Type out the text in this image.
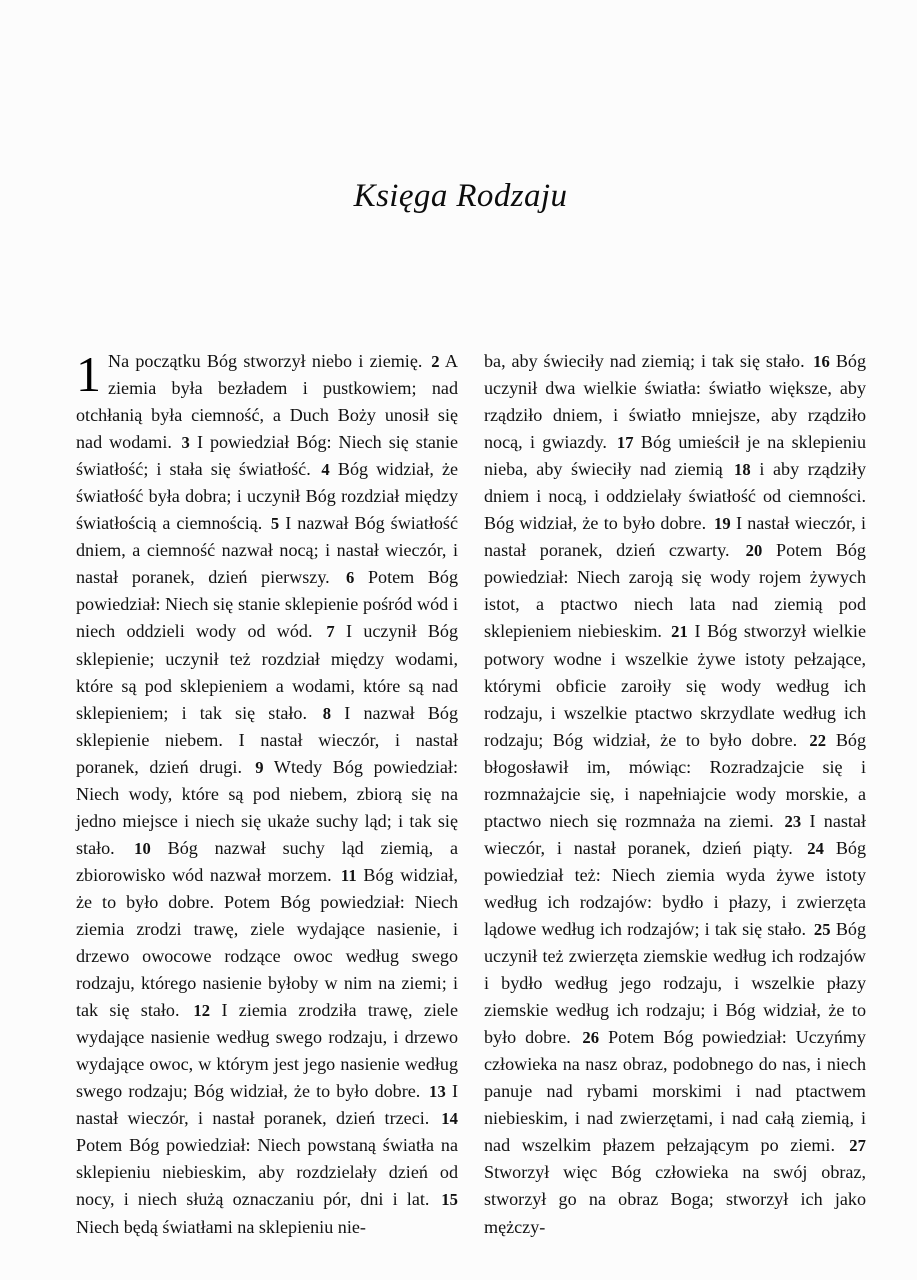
Księga Rodzaju

1 Na początku Bóg stworzył niebo i ziemię. 2 A ziemia była bezładem i pustkowiem; nad otchłanią była ciemność, a Duch Boży unosił się nad wodami. 3 I powiedział Bóg: Niech się stanie światłość; i stała się światłość. 4 Bóg widział, że światłość była dobra; i uczynił Bóg rozdział między światłością a ciemnością. 5 I nazwał Bóg światłość dniem, a ciemność nazwał nocą; i nastał wieczór, i nastał poranek, dzień pierwszy. 6 Potem Bóg powiedział: Niech się stanie sklepienie pośród wód i niech oddzieli wody od wód. 7 I uczynił Bóg sklepienie; uczynił też rozdział między wodami, które są pod sklepieniem a wodami, które są nad sklepieniem; i tak się stało. 8 I nazwał Bóg sklepienie niebem. I nastał wieczór, i nastał poranek, dzień drugi. 9 Wtedy Bóg powiedział: Niech wody, które są pod niebem, zbiorą się na jedno miejsce i niech się ukaże suchy ląd; i tak się stało. 10 Bóg nazwał suchy ląd ziemią, a zbiorowisko wód nazwał morzem. 11 Bóg widział, że to było dobre. Potem Bóg powiedział: Niech ziemia zrodzi trawę, ziele wydające nasienie, i drzewo owocowe rodzące owoc według swego rodzaju, którego nasienie byłoby w nim na ziemi; i tak się stało. 12 I ziemia zrodziła trawę, ziele wydające nasienie według swego rodzaju, i drzewo wydające owoc, w którym jest jego nasienie według swego rodzaju; Bóg widział, że to było dobre. 13 I nastał wieczór, i nastał poranek, dzień trzeci. 14 Potem Bóg powiedział: Niech powstaną światła na sklepieniu niebieskim, aby rozdzielały dzień od nocy, i niech służą oznaczaniu pór, dni i lat. 15 Niech będą światłami na sklepieniu nie-

ba, aby świeciły nad ziemią; i tak się stało. 16 Bóg uczynił dwa wielkie światła: światło większe, aby rządziło dniem, i światło mniejsze, aby rządziło nocą, i gwiazdy. 17 Bóg umieścił je na sklepieniu nieba, aby świeciły nad ziemią 18 i aby rządziły dniem i nocą, i oddzielały światłość od ciemności. Bóg widział, że to było dobre. 19 I nastał wieczór, i nastał poranek, dzień czwarty. 20 Potem Bóg powiedział: Niech zaroją się wody rojem żywych istot, a ptactwo niech lata nad ziemią pod sklepieniem niebieskim. 21 I Bóg stworzył wielkie potwory wodne i wszelkie żywe istoty pełzające, którymi obficie zaroiły się wody według ich rodzaju, i wszelkie ptactwo skrzydlate według ich rodzaju; Bóg widział, że to było dobre. 22 Bóg błogosławił im, mówiąc: Rozradzajcie się i rozmnażajcie się, i napełniajcie wody morskie, a ptactwo niech się rozmnaża na ziemi. 23 I nastał wieczór, i nastał poranek, dzień piąty. 24 Bóg powiedział też: Niech ziemia wyda żywe istoty według ich rodzajów: bydło i płazy, i zwierzęta lądowe według ich rodzajów; i tak się stało. 25 Bóg uczynił też zwierzęta ziemskie według ich rodzajów i bydło według jego rodzaju, i wszelkie płazy ziemskie według ich rodzaju; i Bóg widział, że to było dobre. 26 Potem Bóg powiedział: Uczyńmy człowieka na nasz obraz, podobnego do nas, i niech panuje nad rybami morskimi i nad ptactwem niebieskim, i nad zwierzętami, i nad całą ziemią, i nad wszelkim płazem pełzającym po ziemi. 27 Stworzył więc Bóg człowieka na swój obraz, stworzył go na obraz Boga; stworzył ich jako mężczy-
